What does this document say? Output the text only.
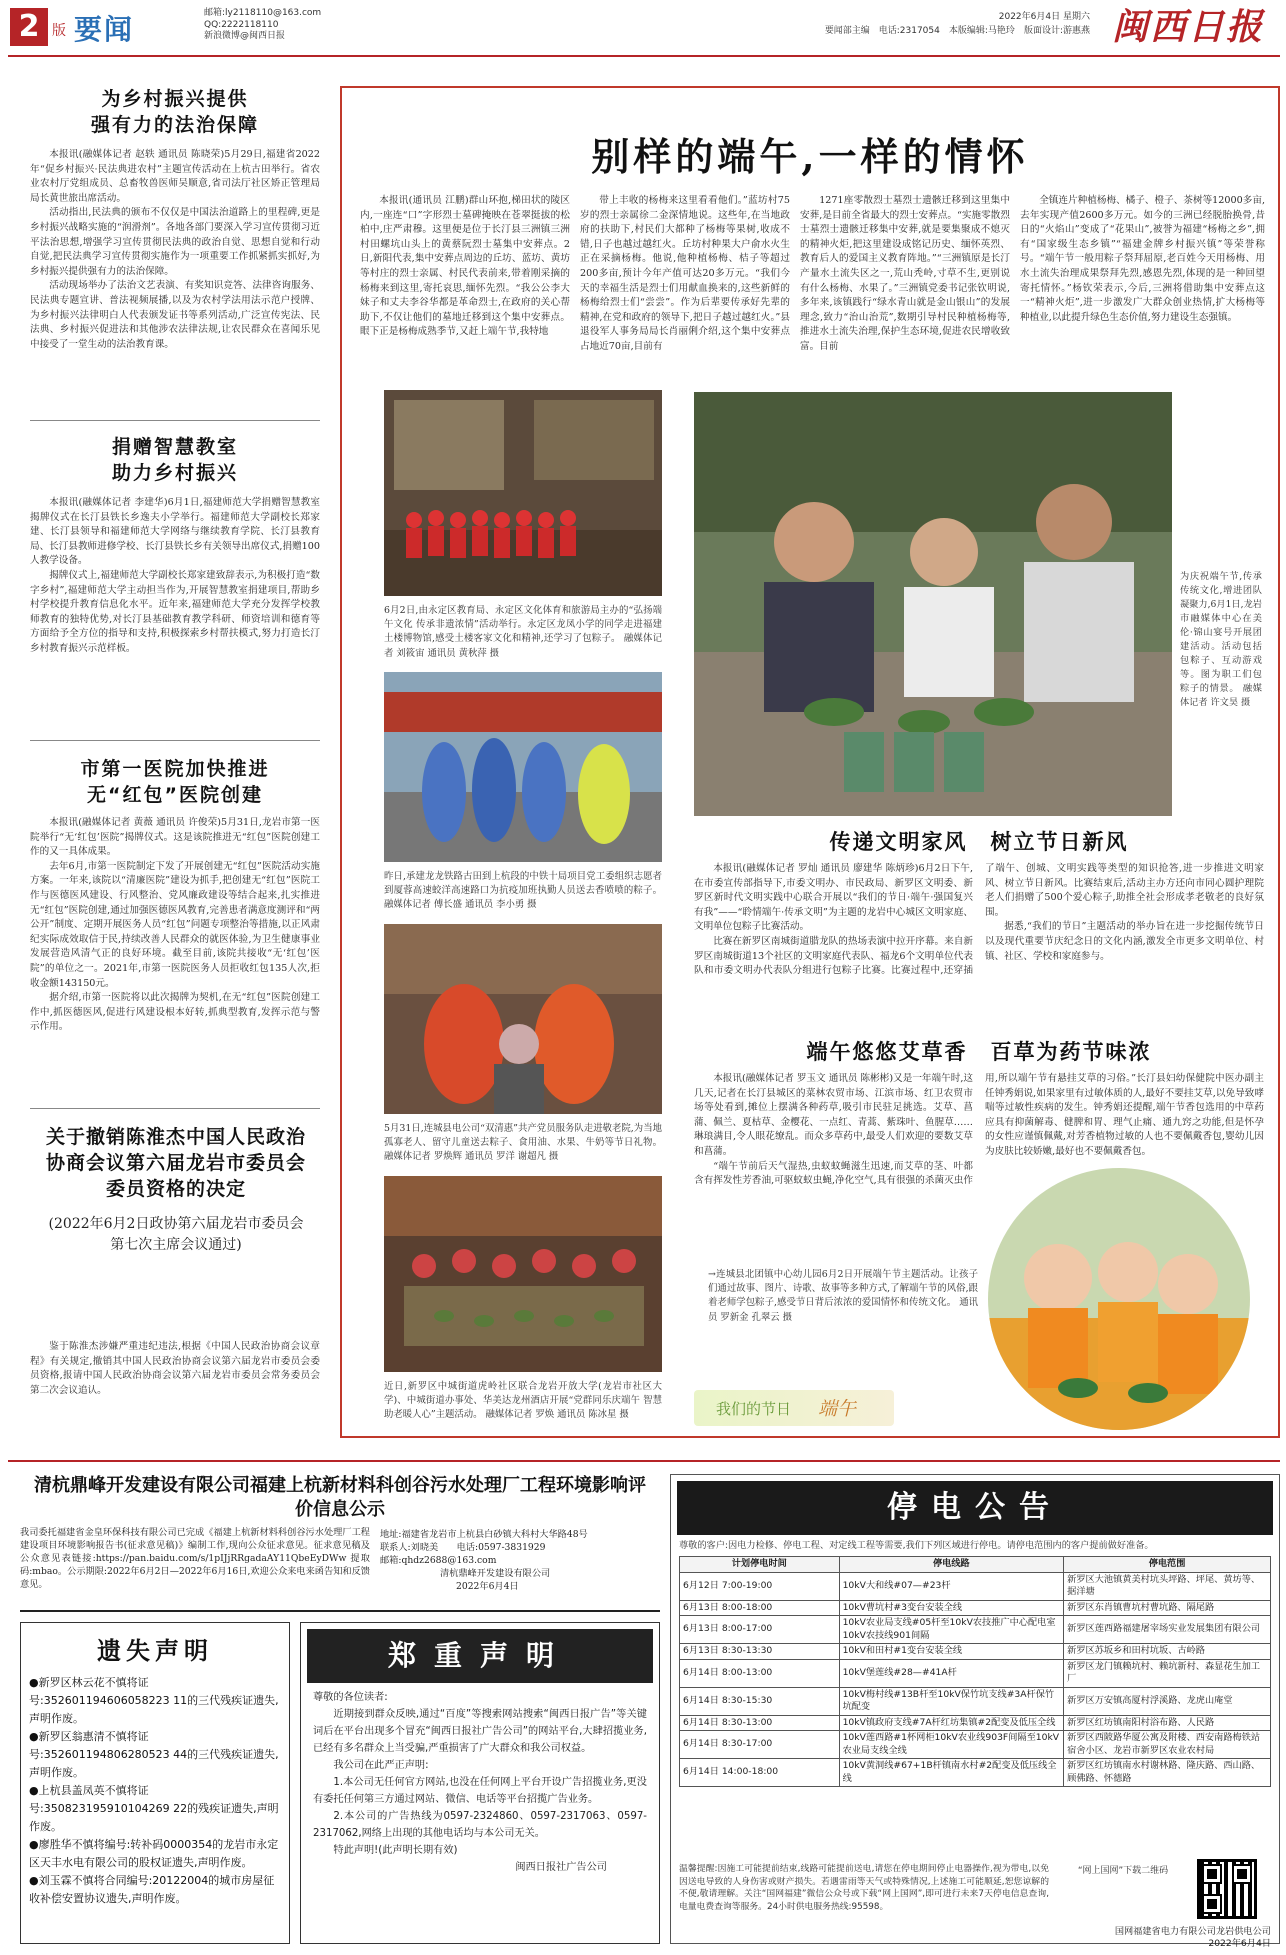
2 版 要闻	邮箱:ly2118110@163.com
QQ:2222118110
新浪微博@闽西日报
2022年6月4日 星期六
要闻部主编　 电话:2317054　 本版编辑:马艳玲　 版面设计:游惠燕 闽西日报
为乡村振兴提供
强有力的法治保障

本报讯(融媒体记者 赵轶 通讯员 陈晓荣)5月29日,福建省2022年“促乡村振兴·民法典进农村”主题宣传活动在上杭古田举行。省农业农村厅党组成员、总畜牧兽医师吴顺意,省司法厅社区矫正管理局局长黄世旅出席活动。

活动指出,民法典的颁布不仅仅是中国法治道路上的里程碑,更是乡村振兴战略实施的“润滑剂”。各地各部门要深入学习宣传贯彻习近平法治思想,增强学习宣传贯彻民法典的政治自觉、思想自觉和行动自觉,把民法典学习宣传贯彻实施作为一项重要工作抓紧抓实抓好,为乡村振兴提供强有力的法治保障。

活动现场举办了法治文艺表演、有奖知识竞答、法律咨询服务、民法典专题宣讲、普法视频展播,以及为农村学法用法示范户授牌、为乡村振兴法律明白人代表颁发证书等系列活动,广泛宣传宪法、民法典、乡村振兴促进法和其他涉农法律法规,让农民群众在喜闻乐见中接受了一堂生动的法治教育课。

捐赠智慧教室
助力乡村振兴

本报讯(融媒体记者 李建华)6月1日,福建师范大学捐赠智慧教室揭牌仪式在长汀县铁长乡逸夫小学举行。福建师范大学副校长郑家建、长汀县领导和福建师范大学网络与继续教育学院、长汀县教育局、长汀县教师进修学校、长汀县铁长乡有关领导出席仪式,捐赠100人教学设备。

揭牌仪式上,福建师范大学副校长郑家建致辞表示,为积极打造“数字乡村”,福建师范大学主动担当作为,开展智慧教室捐建项目,帮助乡村学校提升教育信息化水平。近年来,福建师范大学充分发挥学校教师教育的独特优势,对长汀县基础教育教学科研、师资培训和德育等方面给予全方位的指导和支持,积极探索乡村帮扶模式,努力打造长汀乡村教育振兴示范样板。

市第一医院加快推进
无“红包”医院创建

本报讯(融媒体记者 黄薇 通讯员 许俊荣)5月31日,龙岩市第一医院举行“无‘红包’医院”揭牌仪式。这是该院推进无“红包”医院创建工作的又一具体成果。

去年6月,市第一医院制定下发了开展创建无“红包”医院活动实施方案。一年来,该院以“清廉医院”建设为抓手,把创建无“红包”医院工作与医德医风建设、行风整治、党风廉政建设等结合起来,扎实推进无“红包”医院创建,通过加强医德医风教育,完善患者满意度测评和“两公开”制度、定期开展医务人员“红包”问题专项整治等措施,以正风肃纪实际成效取信于民,持续改善人民群众的就医体验,为卫生健康事业发展营造风清气正的良好环境。截至目前,该院共接收“无‘红包’医院”的单位之一。2021年,市第一医院医务人员拒收红包135人次,拒收金额143150元。

据介绍,市第一医院将以此次揭牌为契机,在无“红包”医院创建工作中,抓医德医风,促进行风建设根本好转,抓典型教育,发挥示范与警示作用。

关于撤销陈淮杰中国人民政治协商会议第六届龙岩市委员会委员资格的决定
(2022年6月2日政协第六届龙岩市委员会第七次主席会议通过)

鉴于陈淮杰涉嫌严重违纪违法,根据《中国人民政治协商会议章程》有关规定,撤销其中国人民政治协商会议第六届龙岩市委员会委员资格,报请中国人民政治协商会议第六届龙岩市委员会常务委员会第二次会议追认。

别样的端午,一样的情怀

本报讯(通讯员 江鹏)群山环抱,梯田状的陵区内,一座连“口”字形烈士墓碑掩映在苍翠挺拔的松柏中,庄严肃穆。这里便是位于长汀县三洲镇三洲村田螺坑山头上的黄蔡阮烈士墓集中安葬点。2日,新阳代表,集中安葬点周边的丘坊、蓝坊、黄坊等村庄的烈士亲属、村民代表前来,带着刚采摘的杨梅来到这里,寄托哀思,缅怀先烈。“我公公李大妹子和丈夫李谷华都是革命烈士,在政府的关心帮助下,不仅让他们的墓地迁移到这个集中安葬点。眼下正是杨梅成熟季节,又赶上端午节,我特地

带上丰收的杨梅来这里看看他们。”蓝坊村75岁的烈士亲属徐二金深情地说。这些年,在当地政府的扶助下,村民们大都种了杨梅等果树,收成不错,日子也越过越红火。丘坊村种果大户俞水火生正在采摘杨梅。他说,他种植杨梅、桔子等超过200多亩,预计今年产值可达20多万元。“我们今天的幸福生活是烈士们用献血换来的,这些新鲜的杨梅给烈士们“尝尝”。作为后辈要传承好先辈的精神,在党和政府的领导下,把日子越过越红火。”县退役军人事务局局长肖丽俐介绍,这个集中安葬点占地近70亩,目前有

1271座零散烈士墓烈士遗骸迁移到这里集中安葬,是目前全省最大的烈士安葬点。“实施零散烈士墓烈士遗骸迁移集中安葬,就是要集聚成不熄灭的精神火炬,把这里建设成铭记历史、缅怀英烈、教育后人的爱国主义教育阵地。”“三洲镇原是长汀产量水土流失区之一,荒山秃岭,寸草不生,更别说有什么杨梅、水果了。”三洲镇党委书记张钦明说,多年来,该镇践行“绿水青山就是金山银山”的发展理念,致力“治山治荒”,数期引导村民种植杨梅等,推进水土流失治理,保护生态环境,促进农民增收致富。目前

全镇连片种植杨梅、橘子、橙子、茶树等12000多亩,去年实现产值2600多万元。如今的三洲已经脱胎换骨,昔日的“火焰山”变成了“花果山”,被誉为福建“杨梅之乡”,拥有“国家级生态乡镇”“福建金牌乡村振兴镇”等荣誉称号。“端午节一般用粽子祭拜屈原,老百姓今天用杨梅、用水土流失治理成果祭拜先烈,感恩先烈,体现的是一种回望寄托情怀。”杨钦荣表示,今后,三洲将借助集中安葬点这一“精神火炬”,进一步激发广大群众创业热情,扩大杨梅等种植业,以此提升绿色生态价值,努力建设生态强镇。

6月2日,由永定区教育局、永定区文化体育和旅游局主办的“弘扬端午文化 传承非遗浓情”活动举行。永定区龙凤小学的同学走进福建土楼博物馆,感受土楼客家文化和精神,还学习了包粽子。 融媒体记者 刘筱宙 通讯员 黄秋萍 摄
昨日,承建龙龙铁路古田到上杭段的中铁十局项目党工委组织志愿者到厦蓉高速蛟洋高速路口为抗疫加班执勤人员送去香喷喷的粽子。 融媒体记者 傅长盛 通讯员 李小勇 摄
5月31日,连城县电公司“双清惠”共产党员服务队走进敬老院,为当地孤寡老人、留守儿童送去粽子、食用油、水果、牛奶等节日礼物。 融媒体记者 罗焕辉 通讯员 罗洋 谢超凡 摄
近日,新罗区中城街道虎岭社区联合龙岩开放大学(龙岩市社区大学)、中城街道办事处、华美达龙州酒店开展“党群同乐庆端午 智慧助老暖人心”主题活动。 融媒体记者 罗焕 通讯员 陈冰星 摄
为庆祝端午节,传承传统文化,增进团队凝聚力,6月1日,龙岩市融媒体中心在美伦·锦山宴号开展团建活动。活动包括包粽子、互动游戏等。图为职工们包粽子的情景。 融媒体记者 许文昊 摄
传递文明家风　树立节日新风

本报讯(融媒体记者 罗灿 通讯员 廖建华 陈炳珍)6月2日下午,在市委宣传部指导下,市委文明办、市民政局、新罗区文明委、新罗区新时代文明实践中心联合开展以“我们的节日·端午·强国复兴有我”——“聆情端午·传承文明”为主题的龙岩中心城区文明家庭、文明单位包粽子比赛活动。

比赛在新罗区南城街道腊龙队的热场表演中拉开序幕。来自新罗区南城街道13个社区的文明家庭代表队、福龙6个文明单位代表队和市委文明办代表队分组进行包粽子比赛。比赛过程中,还穿插了端午、创城、文明实践等类型的知识抢答,进一步推进文明家风、树立节日新风。比赛结束后,活动主办方还向市同心圆护理院老人们捐赠了500个爱心粽子,助推全社会形成孝老敬老的良好氛围。

据悉,“我们的节日”主题活动的举办旨在进一步挖掘传统节日以及现代重要节庆纪念日的文化内涵,激发全市更多文明单位、村镇、社区、学校和家庭参与。

端午悠悠艾草香　百草为药节味浓

本报讯(融媒体记者 罗玉文 通讯员 陈彬彬)又是一年端午时,这几天,记者在长汀县城区的菜林农贸市场、江滨市场、红卫农贸市场等处看到,摊位上摆满各种药草,吸引市民驻足挑选。艾草、菖蒲、佩兰、夏枯草、金樱花、一点红、青蒿、紫珠叶、鱼腥草……琳琅满目,令人眼花缭乱。而众多草药中,最受人们欢迎的要数艾草和菖蒲。

“端午节前后天气湿热,虫蚁蚊蝇滋生迅速,而艾草的茎、叶都含有挥发性芳香油,可驱蚊蚁虫蝇,净化空气,具有很强的杀菌灭虫作用,所以端午节有悬挂艾草的习俗。”长汀县妇幼保健院中医办副主任钟秀娟说,如果家里有过敏体质的人,最好不要挂艾草,以免导致哮喘等过敏性疾病的发生。钟秀娟还提醒,端午节香包选用的中草药应具有抑菌解毒、健脾和胃、理气止痛、通九窍之功能,但是怀孕的女性应谨慎佩戴,对芳香植物过敏的人也不要佩戴香包,婴幼儿因为皮肤比较娇嫩,最好也不要佩戴香包。

→连城县北团镇中心幼儿园6月2日开展端午节主题活动。让孩子们通过故事、图片、诗歌、故事等多种方式,了解端午节的风俗,跟着老师学包粽子,感受节日背后浓浓的爱国情怀和传统文化。 通讯员 罗新金 孔翠云 摄
我们的节日 端午
清杭鼎峰开发建设有限公司福建上杭新材料科创谷污水处理厂工程环境影响评价信息公示
我司委托福建省金皇环保科技有限公司已完成《福建上杭新材料科创谷污水处理厂工程建设项目环境影响报告书(征求意见稿)》编制工作,现向公众征求意见。征求意见稿及公众意见表链接:https://pan.baidu.com/s/1pIJjRRgadaAY11QbeEyDWw 提取码:mbao。公示期限:2022年6月2日—2022年6月16日,欢迎公众来电来函告知和反馈意见。
地址:福建省龙岩市上杭县白砂镇大科村大华路48号
联系人:刘晓美　　电话:0597-3831929
邮箱:qhdz2688@163.com
清杭鼎峰开发建设有限公司
2022年6月4日
遗失声明
●新罗区林云花不慎将证号:352601194606058223 11的三代残疾证遗失,声明作废。
●新罗区翁惠清不慎将证号:352601194806280523 44的三代残疾证遗失,声明作废。
●上杭县盖凤英不慎将证号:350823195910104269 22的残疾证遗失,声明作废。
●廖胜华不慎将编号:转补码0000354的龙岩市永定区天丰水电有限公司的股权证遗失,声明作废。
●刘玉霖不慎将合同编号:20122004的城市房屋征收补偿安置协议遗失,声明作废。
郑重声明
尊敬的各位读者:
近期接到群众反映,通过“百度”等搜索网站搜索“闽西日报广告”等关键词后在平台出现多个冒充“闽西日报社广告公司”的网站平台,大肆招揽业务,已经有多名群众上当受骗,严重损害了广大群众和我公司权益。
我公司在此严正声明:
1.本公司无任何官方网站,也没在任何网上平台开设广告招揽业务,更没有委托任何第三方通过网站、微信、电话等平台招揽广告业务。
2.本公司的广告热线为0597-2324860、0597-2317063、0597-2317062,网络上出现的其他电话均与本公司无关。
特此声明!(此声明长期有效)
闽西日报社广告公司
停电公告
尊敬的客户:因电力检修、停电工程、对定线工程等需要,我们下列区域进行停电。请停电范围内的客户提前做好准备。
计划停电时间	停电线路	停电范围
6月12日 7:00-19:00	10kV大和线#07—#23杆	新罗区大池镇黄美村坑头坪路、坪尾、黄坊等、据洋塘
6月13日 8:00-18:00	10kV曹坑村#3变台安装全线	新罗区东肖镇曹坑村曹坑路、隔尾路
6月13日 8:00-17:00	10kV农业局支线#05杆至10kV农技推广中心配电室10kV农技线901间隔	新罗区莲西路福建屠宰场实业发展集团有限公司
6月13日 8:30-13:30	10kV和田村#1变台安装全线	新罗区苏坂乡和田村坑坂、古岭路
6月14日 8:00-13:00	10kV堡莲线#28—#41A杆	新罗区龙门镇赖坑村、赖坑新村、森显花生加工厂
6月14日 8:30-15:30	10kV梅村线#13B杆至10kV保竹坑支线#3A杆保竹坑配变	新罗区万安镇高厦村浮溪路、龙虎山庵堂
6月14日 8:30-13:00	10kV镇政府支线#7A杆红坊集镇#2配变及低压全线	新罗区红坊镇南阳村浴布路、人民路
6月14日 8:30-17:00	10kV莲西路#1杯网柜10kV农业线903F间隔至10kV农业局支线全线	新罗区西陂路华厦公寓及附楼、西安南路梅铁站宿舍小区、龙岩市新罗区农业农村局
6月14日 14:00-18:00	10kV黄洞线#67+1B杆镇南水村#2配变及低压线全线	新罗区红坊镇南水村谢林路、隆庆路、西山路、顾佛路、怀德路
温馨提醒:因施工可能提前结束,线路可能提前送电,请您在停电期间停止电器操作,视为带电,以免因送电导致的人身伤害或财产损失。若遇雷雨等天气或特殊情况,上述施工可能顺延,恕您谅解的不便,敬请理解。关注“国网福建”微信公众号或下载“网上国网”,即可进行未来7天停电信息查询,电量电费查询等服务。24小时供电服务热线:95598。
“网上国网”下载二维码
国网福建省电力有限公司龙岩供电公司
2022年6月4日
